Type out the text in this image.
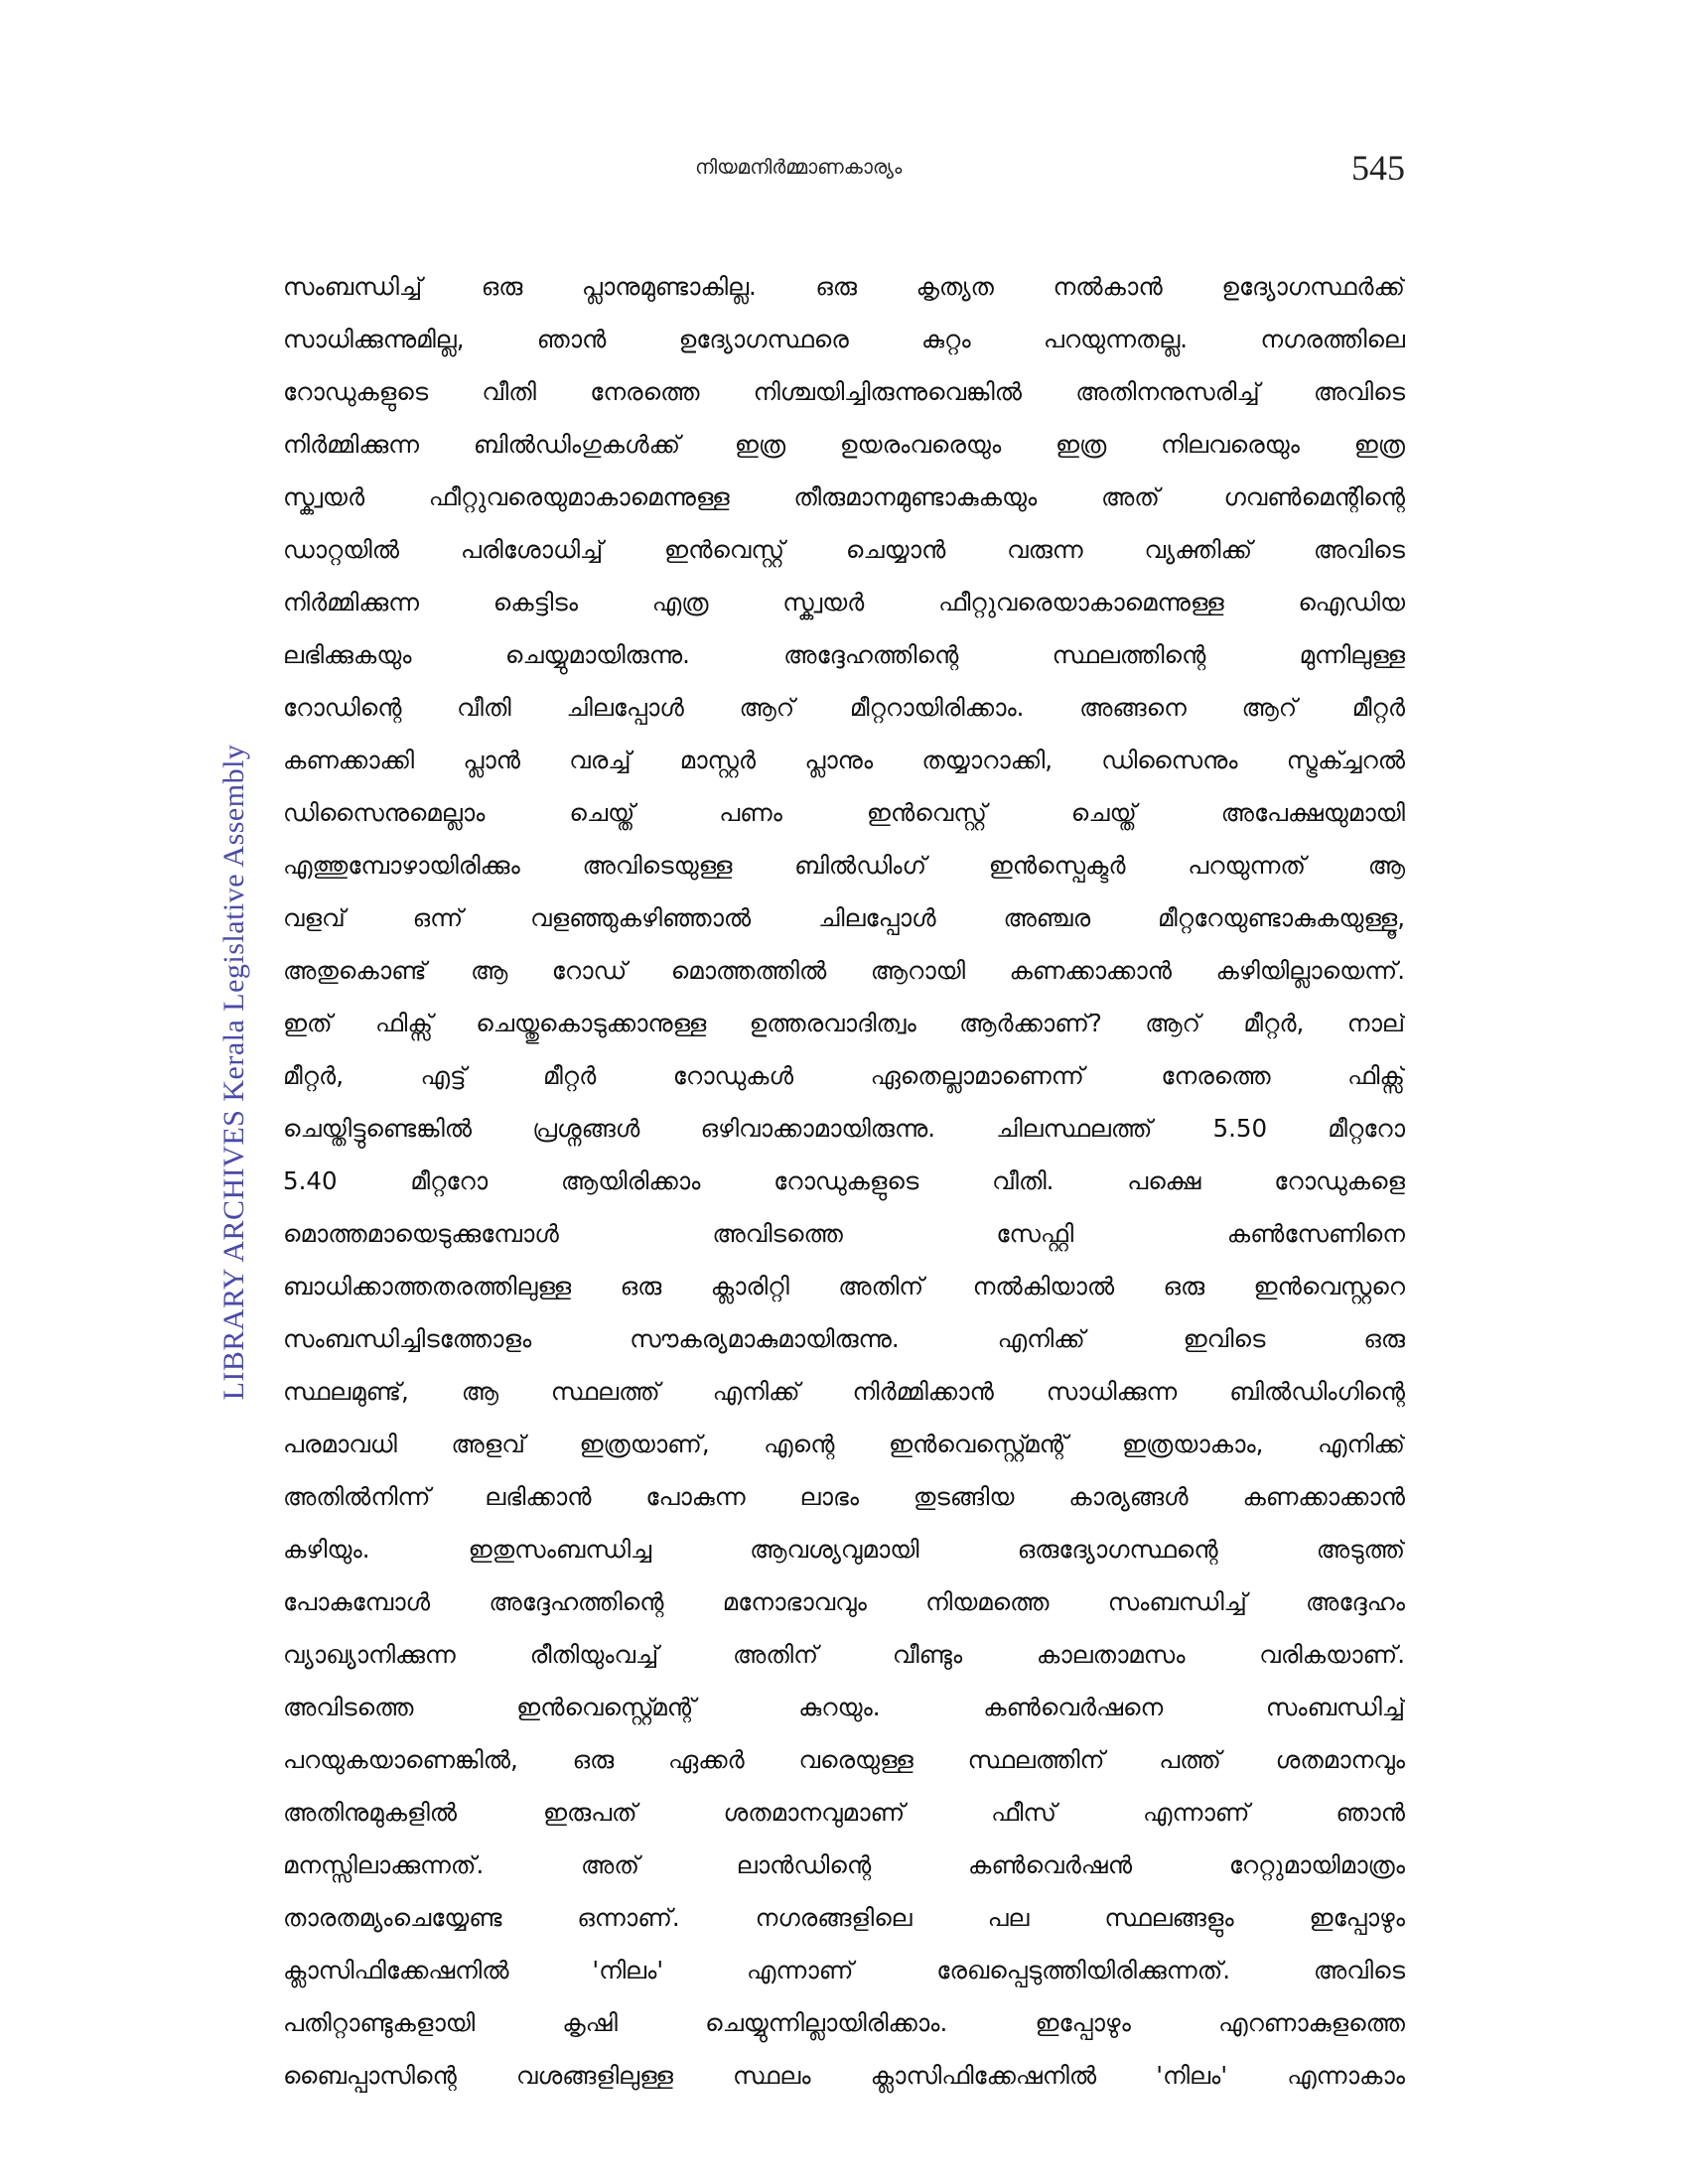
നിയമനിർമ്മാണകാര്യം	545
LIBRARY ARCHIVES Kerala Legislative Assembly
സംബന്ധിച്ച് ഒരു പ്ലാനുമുണ്ടാകില്ല. ഒരു കൃത്യത നൽകാൻ ഉദ്യോഗസ്ഥർക്ക്
സാധിക്കുന്നുമില്ല, ഞാൻ ഉദ്യോഗസ്ഥരെ കുറ്റം പറയുന്നതല്ല. നഗരത്തിലെ
റോഡുകളുടെ വീതി നേരത്തെ നിശ്ചയിച്ചിരുന്നുവെങ്കിൽ അതിനനുസരിച്ച് അവിടെ
നിർമ്മിക്കുന്ന ബിൽഡിംഗുകൾക്ക് ഇത്ര ഉയരംവരെയും ഇത്ര നിലവരെയും ഇത്ര
സ്ക്വയർ ഫീറ്റുവരെയുമാകാമെന്നുള്ള തീരുമാനമുണ്ടാകുകയും അത് ഗവൺമെന്റിന്റെ
ഡാറ്റയിൽ പരിശോധിച്ച് ഇൻവെസ്റ്റ് ചെയ്യാൻ വരുന്ന വ്യക്തിക്ക് അവിടെ
നിർമ്മിക്കുന്ന കെട്ടിടം എത്ര സ്ക്വയർ ഫീറ്റുവരെയാകാമെന്നുള്ള ഐഡിയ
ലഭിക്കുകയും ചെയ്യുമായിരുന്നു. അദ്ദേഹത്തിന്റെ സ്ഥലത്തിന്റെ മുന്നിലുള്ള
റോഡിന്റെ വീതി ചിലപ്പോൾ ആറ് മീറ്ററായിരിക്കാം. അങ്ങനെ ആറ് മീറ്റർ
കണക്കാക്കി പ്ലാൻ വരച്ച് മാസ്റ്റർ പ്ലാനും തയ്യാറാക്കി, ഡിസൈനും സ്ട്രക്ച്ചറൽ
ഡിസൈനുമെല്ലാം ചെയ്ത് പണം ഇൻവെസ്റ്റ് ചെയ്ത് അപേക്ഷയുമായി
എത്തുമ്പോഴായിരിക്കും അവിടെയുള്ള ബിൽഡിംഗ് ഇൻസ്പെക്ടർ പറയുന്നത് ആ
വളവ് ഒന്ന് വളഞ്ഞുകഴിഞ്ഞാൽ ചിലപ്പോൾ അഞ്ചര മീറ്ററേയുണ്ടാകുകയുള്ളൂ,
അതുകൊണ്ട് ആ റോഡ് മൊത്തത്തിൽ ആറായി കണക്കാക്കാൻ കഴിയില്ലായെന്ന്.
ഇത് ഫിക്സ് ചെയ്തുകൊടുക്കാനുള്ള ഉത്തരവാദിത്വം ആർക്കാണ്? ആറ് മീറ്റർ, നാല്
മീറ്റർ, എട്ട് മീറ്റർ റോഡുകൾ ഏതെല്ലാമാണെന്ന് നേരത്തെ ഫിക്സ്
ചെയ്തിട്ടുണ്ടെങ്കിൽ പ്രശ്നങ്ങൾ ഒഴിവാക്കാമായിരുന്നു. ചിലസ്ഥലത്ത് 5.50 മീറ്ററോ
5.40 മീറ്ററോ ആയിരിക്കാം റോഡുകളുടെ വീതി. പക്ഷെ റോഡുകളെ
മൊത്തമായെടുക്കുമ്പോൾ അവിടത്തെ സേഫ്റ്റി കൺസേണിനെ
ബാധിക്കാത്തതരത്തിലുള്ള ഒരു ക്ലാരിറ്റി അതിന് നൽകിയാൽ ഒരു ഇൻവെസ്റ്ററെ
സംബന്ധിച്ചിടത്തോളം സൗകര്യമാകുമായിരുന്നു. എനിക്ക് ഇവിടെ ഒരു
സ്ഥലമുണ്ട്, ആ സ്ഥലത്ത് എനിക്ക് നിർമ്മിക്കാൻ സാധിക്കുന്ന ബിൽഡിംഗിന്റെ
പരമാവധി അളവ് ഇത്രയാണ്, എന്റെ ഇൻവെസ്റ്റ്മെന്റ് ഇത്രയാകാം, എനിക്ക്
അതിൽനിന്ന് ലഭിക്കാൻ പോകുന്ന ലാഭം തുടങ്ങിയ കാര്യങ്ങൾ കണക്കാക്കാൻ
കഴിയും. ഇതുസംബന്ധിച്ച ആവശ്യവുമായി ഒരുദ്യോഗസ്ഥന്റെ അടുത്ത്
പോകുമ്പോൾ അദ്ദേഹത്തിന്റെ മനോഭാവവും നിയമത്തെ സംബന്ധിച്ച് അദ്ദേഹം
വ്യാഖ്യാനിക്കുന്ന രീതിയുംവച്ച് അതിന് വീണ്ടും കാലതാമസം വരികയാണ്.
അവിടത്തെ ഇൻവെസ്റ്റ്മെന്റ് കുറയും. കൺവെർഷനെ സംബന്ധിച്ച്
പറയുകയാണെങ്കിൽ, ഒരു ഏക്കർ വരെയുള്ള സ്ഥലത്തിന് പത്ത് ശതമാനവും
അതിനുമുകളിൽ ഇരുപത് ശതമാനവുമാണ് ഫീസ് എന്നാണ് ഞാൻ
മനസ്സിലാക്കുന്നത്. അത് ലാൻഡിന്റെ കൺവെർഷൻ റേറ്റുമായിമാത്രം
താരതമ്യംചെയ്യേണ്ട ഒന്നാണ്. നഗരങ്ങളിലെ പല സ്ഥലങ്ങളും ഇപ്പോഴും
ക്ലാസിഫിക്കേഷനിൽ 'നിലം' എന്നാണ് രേഖപ്പെടുത്തിയിരിക്കുന്നത്. അവിടെ
പതിറ്റാണ്ടുകളായി കൃഷി ചെയ്യുന്നില്ലായിരിക്കാം. ഇപ്പോഴും എറണാകുളത്തെ
ബൈപ്പാസിന്റെ വശങ്ങളിലുള്ള സ്ഥലം ക്ലാസിഫിക്കേഷനിൽ 'നിലം' എന്നാകാം
